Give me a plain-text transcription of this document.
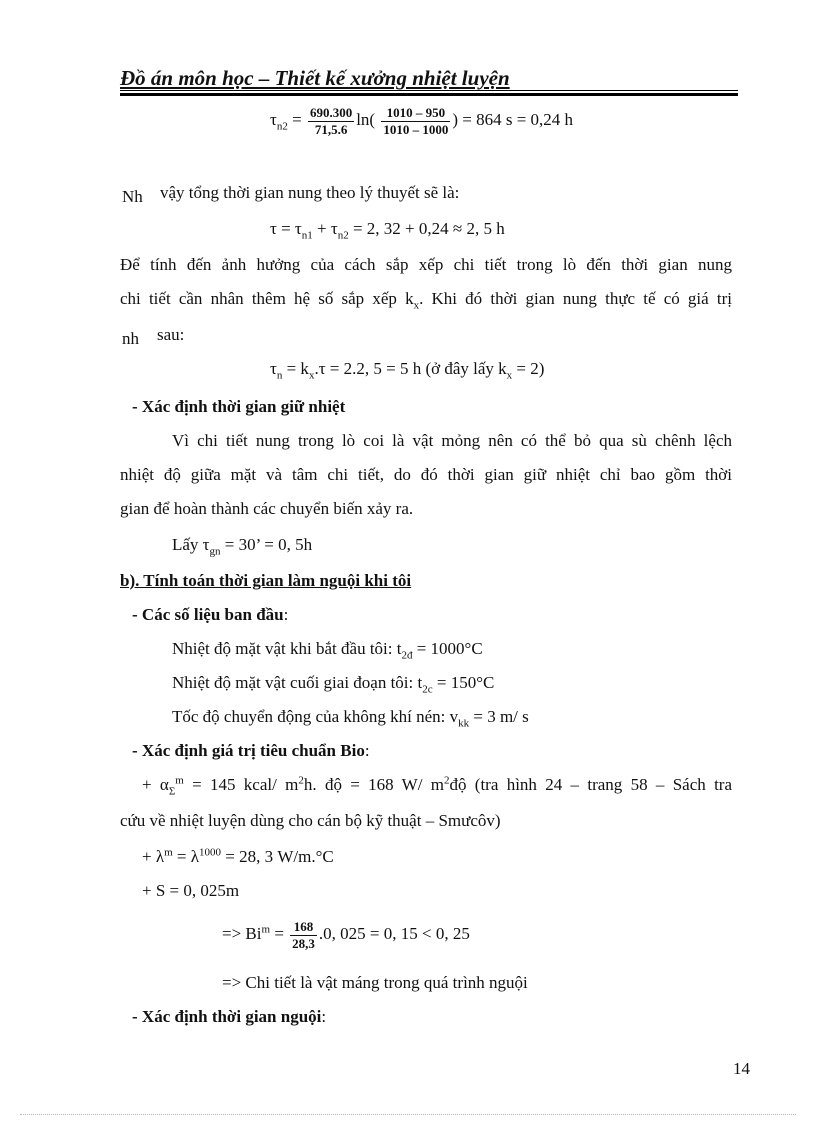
Đồ án môn học – Thiết kế xưởng nhiệt luyện
$\tau_{n2} = \frac{690.300}{71,5.6} \ln( \frac{1010 - 950}{1010 - 1000}$ ) = 864 s = 0,24 h
Nh vậy tổng thời gian nung theo lý thuyết sẽ là:
$\tau = \tau_{n1} + \tau_{n2} = 2$, 32 + 0,24 ≈ 2, 5 h
Để tính đến ảnh hưởng của cách sắp xếp chi tiết trong lò đến thời gian nung
chi tiết cần nhân thêm hệ số sắp xếp $k_x$. Khi đó thời gian nung thực tế có giá trị
nh sau:
$\tau_n = k_x.\tau = 2.2$, 5 = 5 h (ở đây lấy $k_x = 2$)
- Xác định thời gian giữ nhiệt
Vì chi tiết nung trong lò coi là vật mỏng nên có thể bỏ qua sù chênh lệch
nhiệt độ giữa mặt và tâm chi tiết, do đó thời gian giữ nhiệt chỉ bao gồm thời
gian để hoàn thành các chuyển biến xảy ra.
Lấy $\tau_{gn} = 30$’ = 0, 5h
b). Tính toán thời gian làm nguội khi tôi
- Các số liệu ban đầu:
Nhiệt độ mặt vật khi bắt đầu tôi: $t_{2đ} = 1000^\circ C$
Nhiệt độ mặt vật cuối giai đoạn tôi: $t_{2c} = 150^\circ C$
Tốc độ chuyển động của không khí nén: $v_{kk} = 3$ m/ s
- Xác định giá trị tiêu chuẩn Bio:
+ $\alpha_\Sigma^m = 145$ kcal/ $m^2h$. độ = 168 W/ $m^2độ$ (tra hình 24 – trang 58 – Sách tra
cứu về nhiệt luyện dùng cho cán bộ kỹ thuật – Smưcôv)
+ $\lambda^m = \lambda^{1000} = 28$, 3 W/m.°C
+ S = 0, 025m
=> $Bi^m = \frac{168}{28,3} .0$, 025 = 0, 15 < 0, 25
=> Chi tiết là vật máng trong quá trình nguội
- Xác định thời gian nguội:
14
